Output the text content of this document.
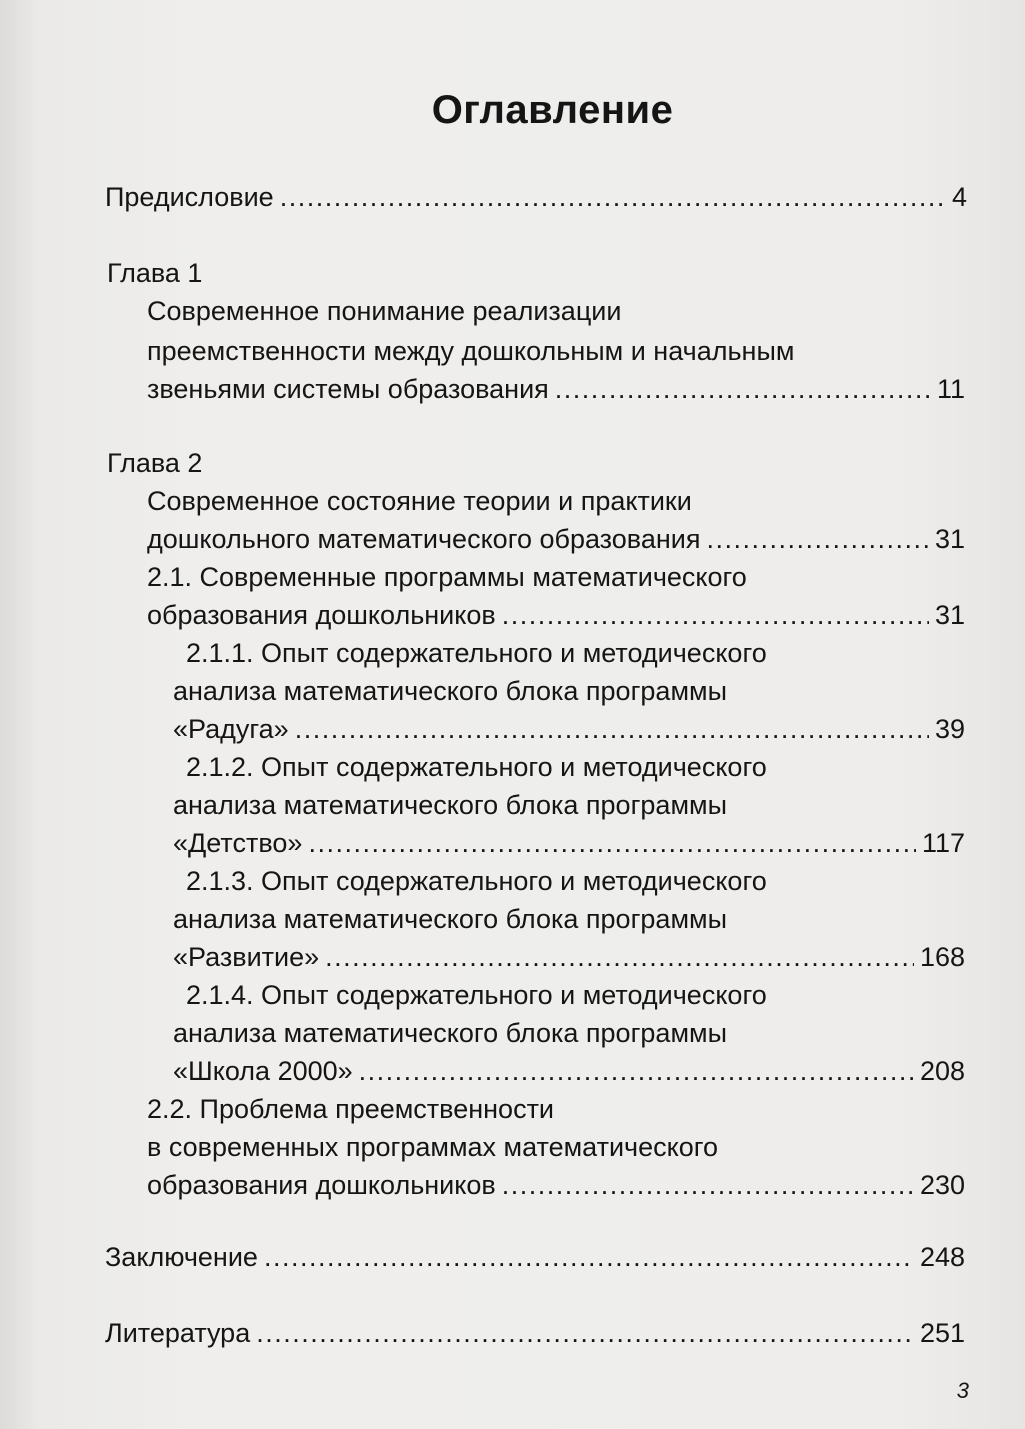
Оглавление
Предисловие . . .	4
Глава 1
Современное понимание реализации
преемственности между дошкольным и начальным
звеньями системы образования . . .	11
Глава 2
Современное состояние теории и практики
дошкольного математического образования . . .	31
2.1. Современные программы математического
образования дошкольников . . .	31
2.1.1. Опыт содержательного и методического
анализа математического блока программы
«Радуга» . . .	39
2.1.2. Опыт содержательного и методического
анализа математического блока программы
«Детство» . . .	117
2.1.3. Опыт содержательного и методического
анализа математического блока программы
«Развитие» . . .	168
2.1.4. Опыт содержательного и методического
анализа математического блока программы
«Школа 2000» . . .	208
2.2. Проблема преемственности
в современных программах математического
образования дошкольников . . .	230
Заключение . . .	248
Литература . . .	251
3
